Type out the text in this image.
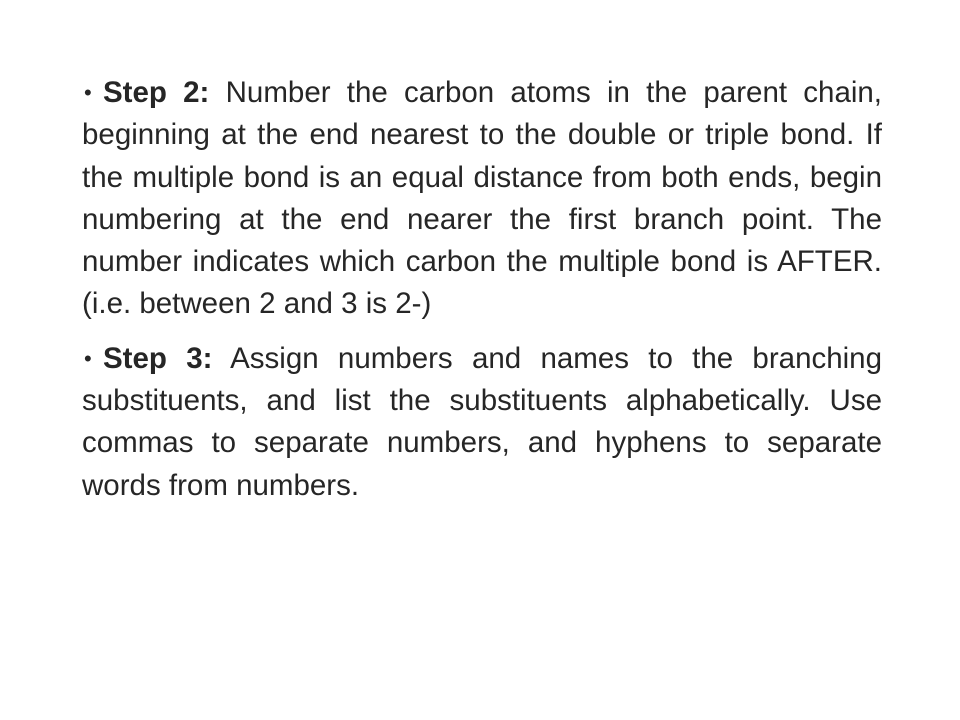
• Step 2: Number the carbon atoms in the parent chain, beginning at the end nearest to the double or triple bond. If the multiple bond is an equal distance from both ends, begin numbering at the end nearer the first branch point. The number indicates which carbon the multiple bond is AFTER. (i.e. between 2 and 3 is 2-)
• Step 3: Assign numbers and names to the branching substituents, and list the substituents alphabetically. Use commas to separate numbers, and hyphens to separate words from numbers.
